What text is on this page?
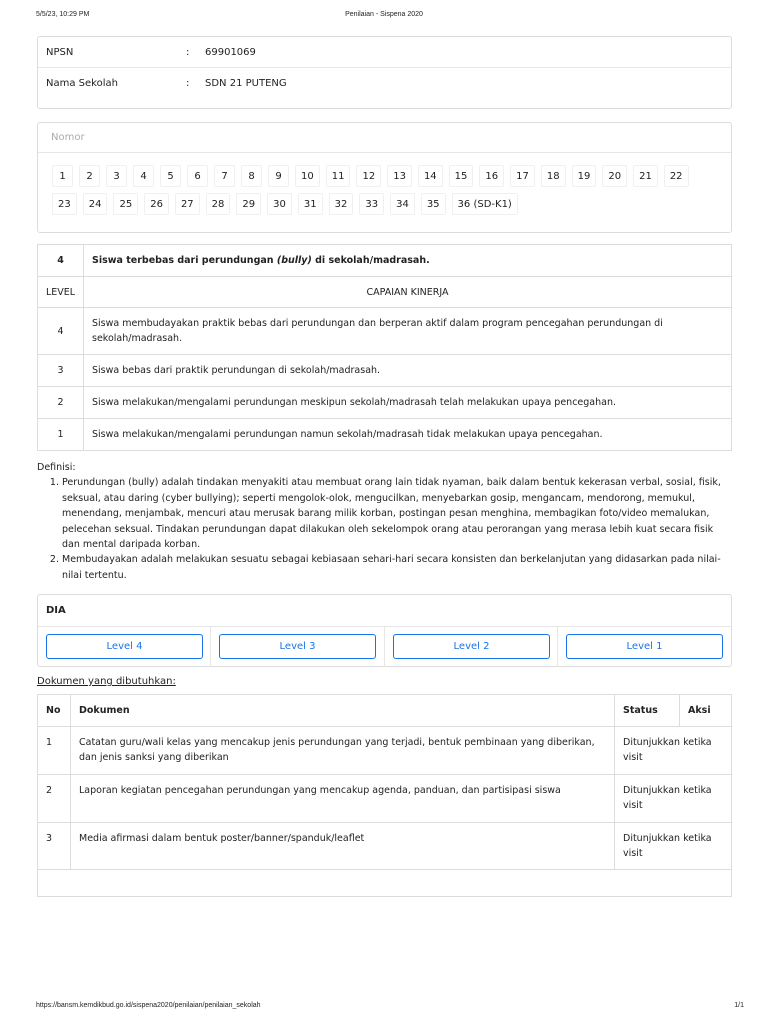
5/5/23, 10:29 PM	Penilaian - Sispena 2020
NPSN	:	69901069
Nama Sekolah	:	SDN 21 PUTENG
Nomor
1	2	3	4	5	6	7	8	9	10	11	12	13	14	15	16	17	18	19	20	21	22
23	24	25	26	27	28	29	30	31	32	33	34	35	36 (SD-K1)
4	Siswa terbebas dari perundungan (bully) di sekolah/madrasah.
LEVEL	CAPAIAN KINERJA
4	Siswa membudayakan praktik bebas dari perundungan dan berperan aktif dalam program pencegahan perundungan di sekolah/madrasah.
3	Siswa bebas dari praktik perundungan di sekolah/madrasah.
2	Siswa melakukan/mengalami perundungan meskipun sekolah/madrasah telah melakukan upaya pencegahan.
1	Siswa melakukan/mengalami perundungan namun sekolah/madrasah tidak melakukan upaya pencegahan.
Definisi:
1. Perundungan (bully) adalah tindakan menyakiti atau membuat orang lain tidak nyaman, baik dalam bentuk kekerasan verbal, sosial, fisik, seksual, atau daring (cyber bullying); seperti mengolok-olok, mengucilkan, menyebarkan gosip, mengancam, mendorong, memukul, menendang, menjambak, mencuri atau merusak barang milik korban, postingan pesan menghina, membagikan foto/video memalukan, pelecehan seksual. Tindakan perundungan dapat dilakukan oleh sekelompok orang atau perorangan yang merasa lebih kuat secara fisik dan mental daripada korban.
2. Membudayakan adalah melakukan sesuatu sebagai kebiasaan sehari-hari secara konsisten dan berkelanjutan yang didasarkan pada nilai-nilai tertentu.
DIA
Level 4	Level 3	Level 2	Level 1
Dokumen yang dibutuhkan:
No	Dokumen	Status	Aksi
1	Catatan guru/wali kelas yang mencakup jenis perundungan yang terjadi, bentuk pembinaan yang diberikan, dan jenis sanksi yang diberikan	Ditunjukkan ketika visit	
2	Laporan kegiatan pencegahan perundungan yang mencakup agenda, panduan, dan partisipasi siswa	Ditunjukkan ketika visit	
3	Media afirmasi dalam bentuk poster/banner/spanduk/leaflet	Ditunjukkan ketika visit	

https://bansm.kemdikbud.go.id/sispena2020/penilaian/penilaian_sekolah	1/1
